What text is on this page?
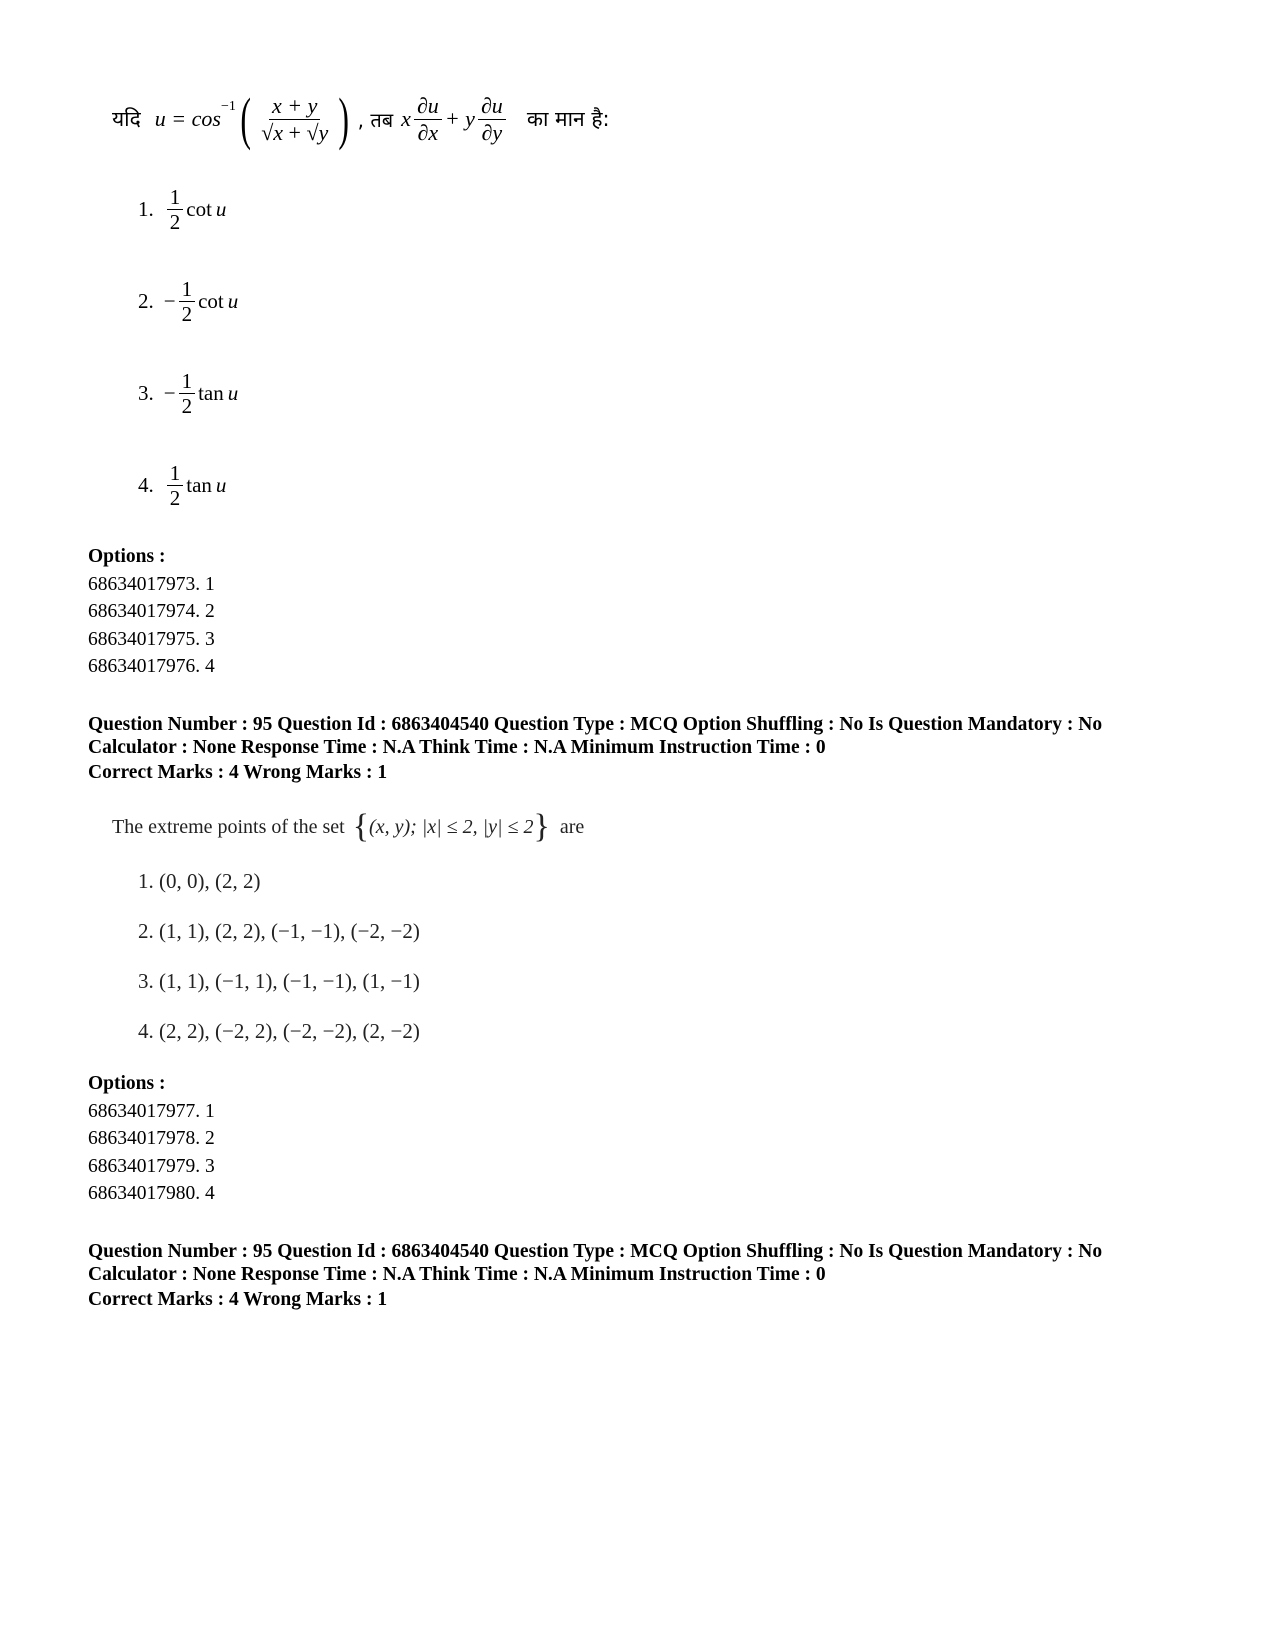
यदि $u = \cos^{-1}$ ( $\frac{x + y}{√x + √y}$ ) , तब x $\frac{\partial u}{\partial x} + y \frac{\partial u}{\partial y}$ का मान है:
1. $\frac{1}{2}$ cot u
2. − $\frac{1}{2}$ cot u
3. − $\frac{1}{2}$ tan u
4. $\frac{1}{2}$ tan u
Options :
68634017973. 1
68634017974. 2
68634017975. 3
68634017976. 4
Question Number : 95 Question Id : 6863404540 Question Type : MCQ Option Shuffling : No Is Question Mandatory : No
Calculator : None Response Time : N.A Think Time : N.A Minimum Instruction Time : 0
Correct Marks : 4 Wrong Marks : 1
The extreme points of the set { (x, y); |x| ≤ 2, |y| ≤ 2 } are
1. (0, 0), (2, 2)
2. (1, 1), (2, 2), (−1, −1), (−2, −2)
3. (1, 1), (−1, 1), (−1, −1), (1, −1)
4. (2, 2), (−2, 2), (−2, −2), (2, −2)
Options :
68634017977. 1
68634017978. 2
68634017979. 3
68634017980. 4
Question Number : 95 Question Id : 6863404540 Question Type : MCQ Option Shuffling : No Is Question Mandatory : No
Calculator : None Response Time : N.A Think Time : N.A Minimum Instruction Time : 0
Correct Marks : 4 Wrong Marks : 1
